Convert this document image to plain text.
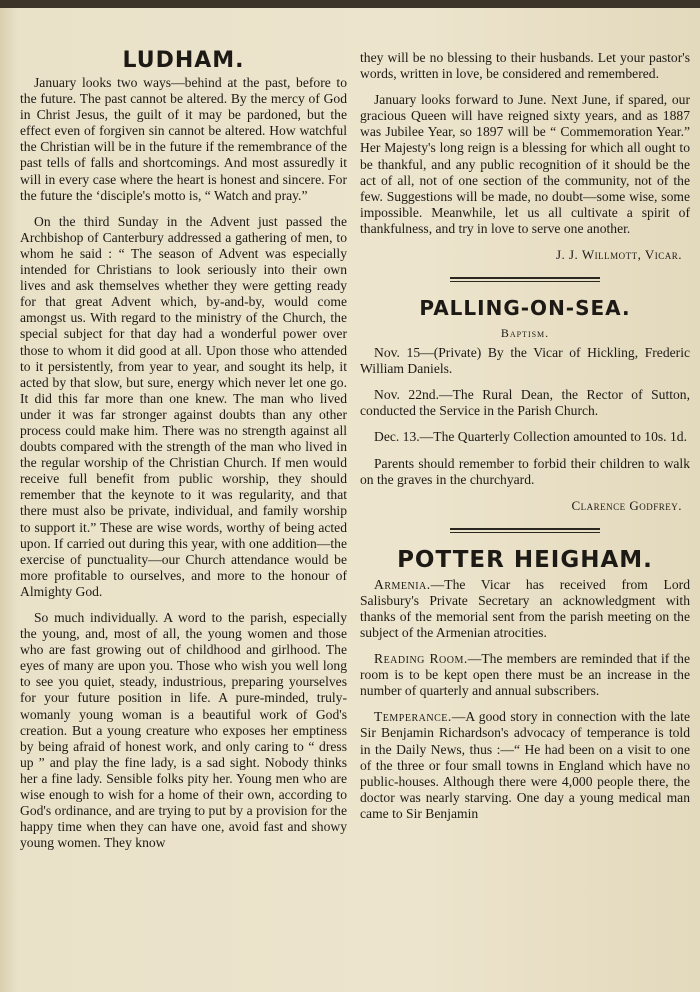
LUDHAM.

January looks two ways—behind at the past, before to the future. The past cannot be altered. By the mercy of God in Christ Jesus, the guilt of it may be pardoned, but the effect even of forgiven sin cannot be altered. How watchful the Christian will be in the future if the remembrance of the past tells of falls and shortcomings. And most assuredly it will in every case where the heart is honest and sincere. For the future the ‘disciple's motto is, “ Watch and pray.”

On the third Sunday in the Advent just passed the Archbishop of Canterbury addressed a gathering of men, to whom he said : “ The season of Advent was especially intended for Christians to look seriously into their own lives and ask themselves whether they were getting ready for that great Advent which, by-and-by, would come amongst us. With regard to the ministry of the Church, the special subject for that day had a wonderful power over those to whom it did good at all. Upon those who attended to it persistently, from year to year, and sought its help, it acted by that slow, but sure, energy which never let one go. It did this far more than one knew. The man who lived under it was far stronger against doubts than any other process could make him. There was no strength against all doubts compared with the strength of the man who lived in the regular worship of the Christian Church. If men would receive full benefit from public worship, they should remember that the keynote to it was regularity, and that there must also be private, individual, and family worship to support it.” These are wise words, worthy of being acted upon. If carried out during this year, with one addition—the exercise of punctuality—our Church attendance would be more profitable to ourselves, and more to the honour of Almighty God.

So much individually. A word to the parish, especially the young, and, most of all, the young women and those who are fast growing out of childhood and girlhood. The eyes of many are upon you. Those who wish you well long to see you quiet, steady, industrious, preparing yourselves for your future position in life. A pure-minded, truly-womanly young woman is a beautiful work of God's creation. But a young creature who exposes her emptiness by being afraid of honest work, and only caring to “ dress up ” and play the fine lady, is a sad sight. Nobody thinks her a fine lady. Sensible folks pity her. Young men who are wise enough to wish for a home of their own, according to God's ordinance, and are trying to put by a provision for the happy time when they can have one, avoid fast and showy young women. They know

they will be no blessing to their husbands. Let your pastor's words, written in love, be considered and remembered.

January looks forward to June. Next June, if spared, our gracious Queen will have reigned sixty years, and as 1887 was Jubilee Year, so 1897 will be “ Commemoration Year.” Her Majesty's long reign is a blessing for which all ought to be thankful, and any public recognition of it should be the act of all, not of one section of the community, not of the few. Suggestions will be made, no doubt—some wise, some impossible. Meanwhile, let us all cultivate a spirit of thankfulness, and try in love to serve one another.

J. J. Willmott, Vicar.
PALLING-ON-SEA.
Baptism.

Nov. 15—(Private) By the Vicar of Hickling, Frederic William Daniels.

Nov. 22nd.—The Rural Dean, the Rector of Sutton, conducted the Service in the Parish Church.

Dec. 13.—The Quarterly Collection amounted to 10s. 1d.

Parents should remember to forbid their children to walk on the graves in the churchyard.

Clarence Godfrey.
POTTER HEIGHAM.

Armenia.—The Vicar has received from Lord Salisbury's Private Secretary an acknowledgment with thanks of the memorial sent from the parish meeting on the subject of the Armenian atrocities.

Reading Room.—The members are reminded that if the room is to be kept open there must be an increase in the number of quarterly and annual subscribers.

Temperance.—A good story in connection with the late Sir Benjamin Richardson's advocacy of temperance is told in the Daily News, thus :—“ He had been on a visit to one of the three or four small towns in England which have no public-houses. Although there were 4,000 people there, the doctor was nearly starving. One day a young medical man came to Sir Benjamin
